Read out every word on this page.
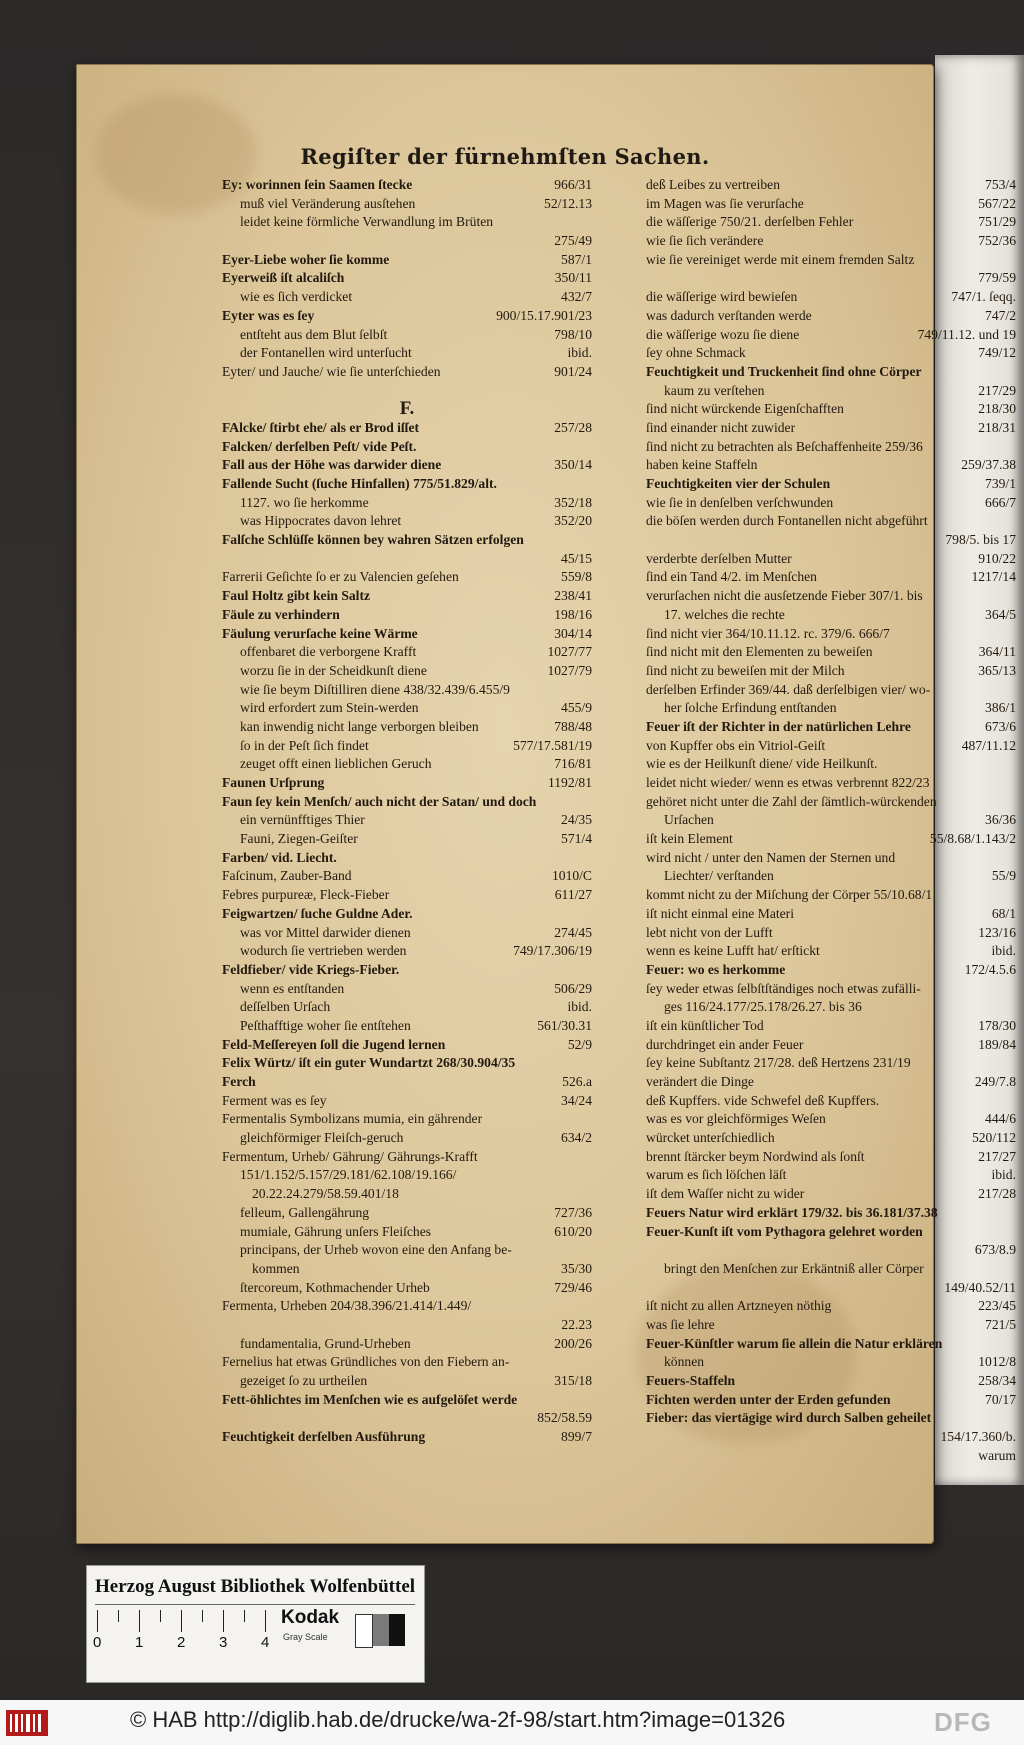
Regiſter der fürnehmſten Sachen.
Ey: worinnen ſein Saamen ſtecke	966/31
muß viel Veränderung ausſtehen	52/12.13
leidet keine förmliche Verwandlung im Brüten
275/49
Eyer-Liebe woher ſie komme	587/1
Eyerweiß iſt alcaliſch	350/11
wie es ſich verdicket	432/7
Eyter was es ſey	900/15.17.901/23
entſteht aus dem Blut ſelbſt	798/10
der Fontanellen wird unterſucht	ibid.
Eyter/ und Jauche/ wie ſie unterſchieden	901/24
F.
FAlcke/ ſtirbt ehe/ als er Brod iſſet	257/28
Falcken/ derſelben Peſt/ vide Peſt.
Fall aus der Höhe was darwider diene	350/14
Fallende Sucht (ſuche Hinfallen) 775/51.829/alt.
1127. wo ſie herkomme	352/18
was Hippocrates davon lehret	352/20
Falſche Schlüſſe können bey wahren Sätzen erfolgen
45/15
Farrerii Geſichte ſo er zu Valencien geſehen	559/8
Faul Holtz gibt kein Saltz	238/41
Fäule zu verhindern	198/16
Fäulung verurſache keine Wärme	304/14
offenbaret die verborgene Krafft	1027/77
worzu ſie in der Scheidkunſt diene	1027/79
wie ſie beym Diſtilliren diene 438/32.439/6.455/9
wird erfordert zum Stein-werden	455/9
kan inwendig nicht lange verborgen bleiben	788/48
ſo in der Peſt ſich findet	577/17.581/19
zeuget offt einen lieblichen Geruch	716/81
Faunen Urſprung	1192/81
Faun ſey kein Menſch/ auch nicht der Satan/ und doch
ein vernünfftiges Thier	24/35
Fauni, Ziegen-Geiſter	571/4
Farben/ vid. Liecht.
Faſcinum, Zauber-Band	1010/C
Febres purpureæ, Fleck-Fieber	611/27
Feigwartzen/ ſuche Guldne Ader.
was vor Mittel darwider dienen	274/45
wodurch ſie vertrieben werden	749/17.306/19
Feldfieber/ vide Kriegs-Fieber.
wenn es entſtanden	506/29
deſſelben Urſach	ibid.
Peſthafftige woher ſie entſtehen	561/30.31
Feld-Meſſereyen ſoll die Jugend lernen	52/9
Felix Würtz/ iſt ein guter Wundartzt 268/30.904/35
Ferch	526.a
Ferment was es ſey	34/24
Fermentalis Symbolizans mumia, ein gährender
gleichförmiger Fleiſch-geruch	634/2
Fermentum, Urheb/ Gährung/ Gährungs-Krafft
151/1.152/5.157/29.181/62.108/19.166/
20.22.24.279/58.59.401/18
felleum, Gallengährung	727/36
mumiale, Gährung unſers Fleiſches	610/20
principans, der Urheb wovon eine den Anfang be-
kommen	35/30
ſtercoreum, Kothmachender Urheb	729/46
Fermenta, Urheben 204/38.396/21.414/1.449/
22.23
fundamentalia, Grund-Urheben	200/26
Fernelius hat etwas Gründliches von den Fiebern an-
gezeiget ſo zu urtheilen	315/18
Fett-öhlichtes im Menſchen wie es aufgelöſet werde
852/58.59
Feuchtigkeit derſelben Ausführung	899/7
deß Leibes zu vertreiben	753/4
im Magen was ſie verurſache	567/22
die wäſſerige 750/21. derſelben Fehler	751/29
wie ſie ſich verändere	752/36
wie ſie vereiniget werde mit einem fremden Saltz
779/59
die wäſſerige wird bewieſen	747/1. ſeqq.
was dadurch verſtanden werde	747/2
die wäſſerige wozu ſie diene	749/11.12. und 19
ſey ohne Schmack	749/12
Feuchtigkeit und Truckenheit ſind ohne Cörper
kaum zu verſtehen	217/29
ſind nicht würckende Eigenſchafften	218/30
ſind einander nicht zuwider	218/31
ſind nicht zu betrachten als Beſchaffenheite 259/36
haben keine Staffeln	259/37.38
Feuchtigkeiten vier der Schulen	739/1
wie ſie in denſelben verſchwunden	666/7
die böſen werden durch Fontanellen nicht abgeführt
798/5. bis 17
verderbte derſelben Mutter	910/22
ſind ein Tand 4/2. im Menſchen	1217/14
verurſachen nicht die ausſetzende Fieber 307/1. bis
17. welches die rechte	364/5
ſind nicht vier 364/10.11.12. rc. 379/6. 666/7
ſind nicht mit den Elementen zu beweiſen	364/11
ſind nicht zu beweiſen mit der Milch	365/13
derſelben Erfinder 369/44. daß derſelbigen vier/ wo-
her ſolche Erfindung entſtanden	386/1
Feuer iſt der Richter in der natürlichen Lehre	673/6
von Kupffer obs ein Vitriol-Geiſt	487/11.12
wie es der Heilkunſt diene/ vide Heilkunſt.
leidet nicht wieder/ wenn es etwas verbrennt 822/23
gehöret nicht unter die Zahl der ſämtlich-würckenden
Urſachen	36/36
iſt kein Element	55/8.68/1.143/2
wird nicht / unter den Namen der Sternen und
Liechter/ verſtanden	55/9
kommt nicht zu der Miſchung der Cörper 55/10.68/1
iſt nicht einmal eine Materi	68/1
lebt nicht von der Lufft	123/16
wenn es keine Lufft hat/ erſtickt	ibid.
Feuer: wo es herkomme	172/4.5.6
ſey weder etwas ſelbſtſtändiges noch etwas zufälli-
ges 116/24.177/25.178/26.27. bis 36
iſt ein künſtlicher Tod	178/30
durchdringet ein ander Feuer	189/84
ſey keine Subſtantz 217/28. deß Hertzens 231/19
verändert die Dinge	249/7.8
deß Kupffers. vide Schwefel deß Kupffers.
was es vor gleichförmiges Weſen	444/6
würcket unterſchiedlich	520/112
brennt ſtärcker beym Nordwind als ſonſt	217/27
warum es ſich löſchen läſt	ibid.
iſt dem Waſſer nicht zu wider	217/28
Feuers Natur wird erklärt 179/32. bis 36.181/37.38
Feuer-Kunſt iſt vom Pythagora gelehret worden
673/8.9
bringt den Menſchen zur Erkäntniß aller Cörper
149/40.52/11
iſt nicht zu allen Artzneyen nöthig	223/45
was ſie lehre	721/5
Feuer-Künſtler warum ſie allein die Natur erklären
können	1012/8
Feuers-Staffeln	258/34
Fichten werden unter der Erden gefunden	70/17
Fieber: das viertägige wird durch Salben geheilet
154/17.360/b.
warum
Herzog August Bibliothek Wolfenbüttel
0 1 2 3 4
Kodak
Gray Scale
© HAB http://diglib.hab.de/drucke/wa-2f-98/start.htm?image=01326	DFG
